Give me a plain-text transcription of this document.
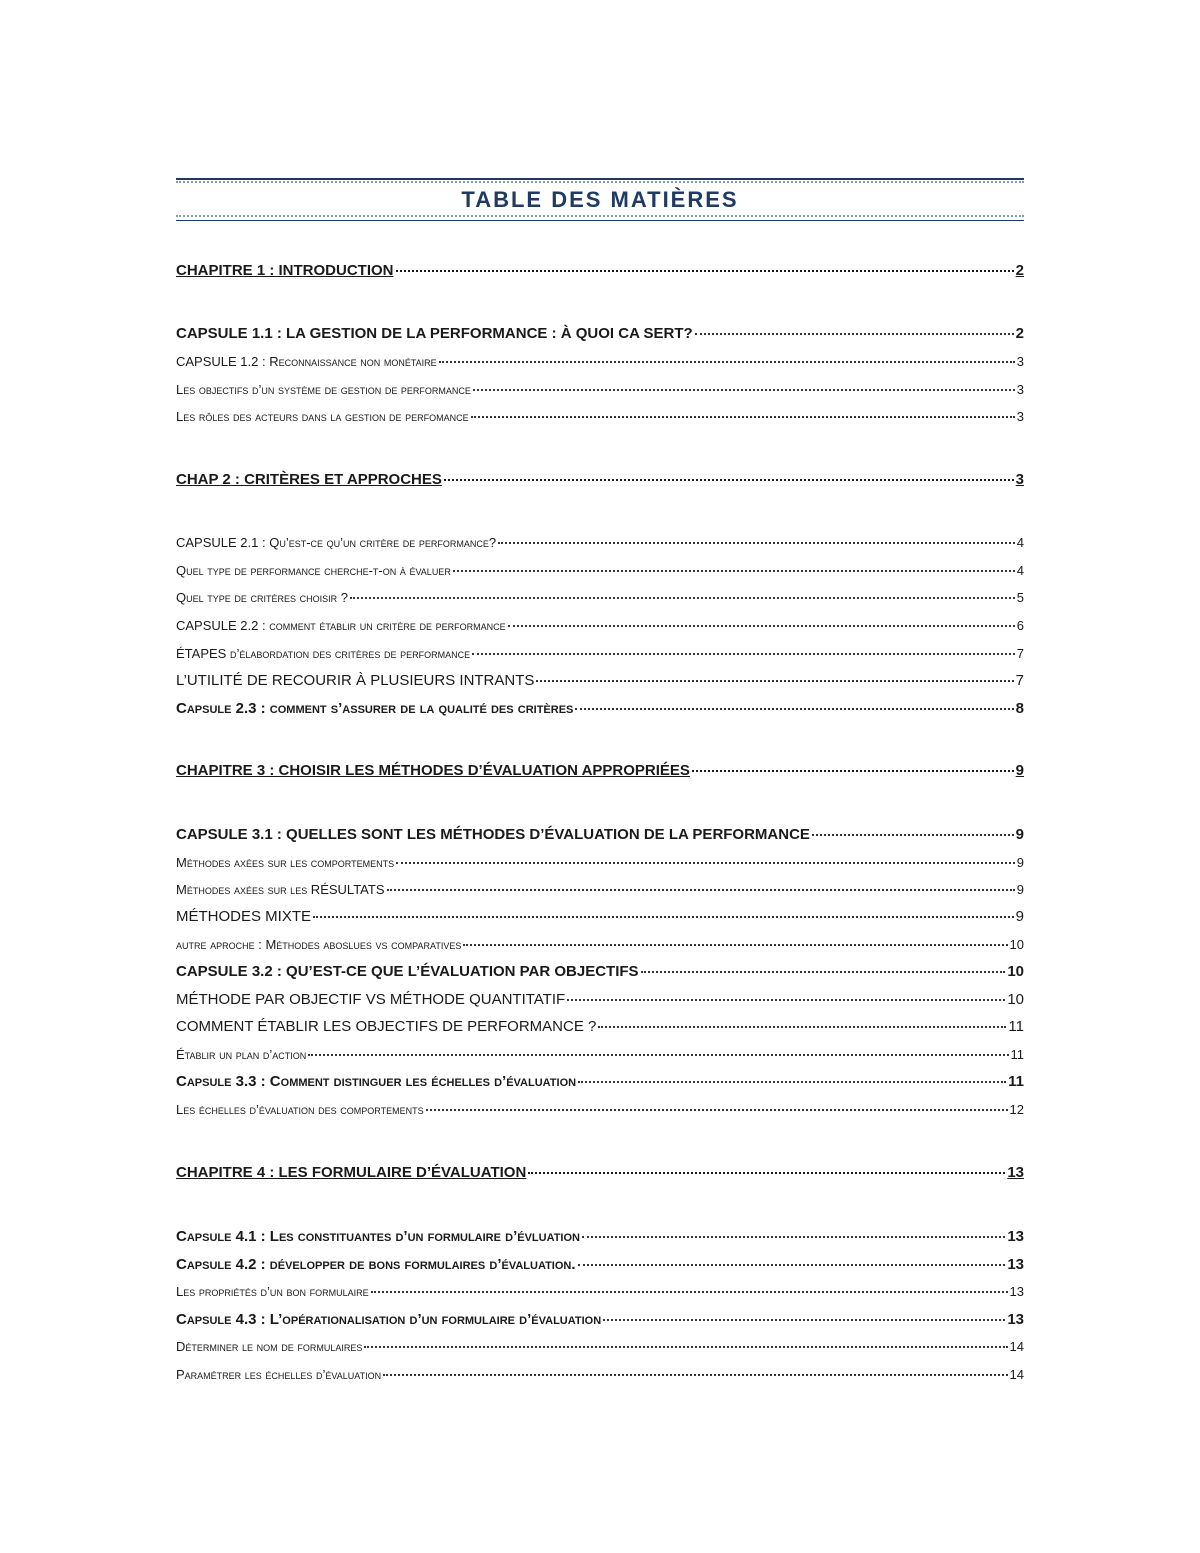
TABLE DES MATIÈRES
CHAPITRE 1 : INTRODUCTION	2
CAPSULE 1.1 : LA GESTION DE LA PERFORMANCE : À QUOI CA SERT?	2
CAPSULE 1.2 : Reconnaissance non monétaire	3
Les objectifs d’un système de gestion de performance	3
Les rôles des acteurs dans la gestion de perfomance	3
CHAP 2 : CRITÈRES ET APPROCHES	3
CAPSULE 2.1 : Qu’est-ce qu’un critère de performance?	4
Quel type de performance cherche-t-on à évaluer	4
Quel type de critères choisir ?	5
CAPSULE 2.2 : comment établir un critère de performance	6
ÉTAPES d’élabordation des critères de performance	7
L’UTILITÉ DE RECOURIR À PLUSIEURS INTRANTS	7
Capsule 2.3 : comment s’assurer de la qualité des critères	8
CHAPITRE 3 : CHOISIR LES MÉTHODES D’ÉVALUATION APPROPRIÉES	9
CAPSULE 3.1 : QUELLES SONT LES MÉTHODES D’ÉVALUATION DE LA PERFORMANCE	9
Méthodes axées sur les comportements	9
Méthodes axées sur les RÉSULTATS	9
MÉTHODES MIXTE	9
autre aproche : Méthodes aboslues vs comparatives	10
CAPSULE 3.2 : QU’EST-CE QUE L’ÉVALUATION PAR OBJECTIFS	10
MÉTHODE PAR OBJECTIF VS MÉTHODE QUANTITATIF	10
COMMENT ÉTABLIR LES OBJECTIFS DE PERFORMANCE ?	11
Établir un plan d’action	11
Capsule 3.3 : Comment distinguer les échelles d’évaluation	11
Les échelles d’évaluation des comportements	12
CHAPITRE 4 : LES FORMULAIRE D’ÉVALUATION	13
Capsule 4.1 : Les constituantes d’un formulaire d’évluation	13
Capsule 4.2 : développer de bons formulaires d’évaluation.	13
Les propriétés d’un bon formulaire	13
Capsule 4.3 : L’opérationalisation d’un formulaire d’évaluation	13
Déterminer le nom de formulaires	14
Paramétrer les échelles d’évaluation	14
